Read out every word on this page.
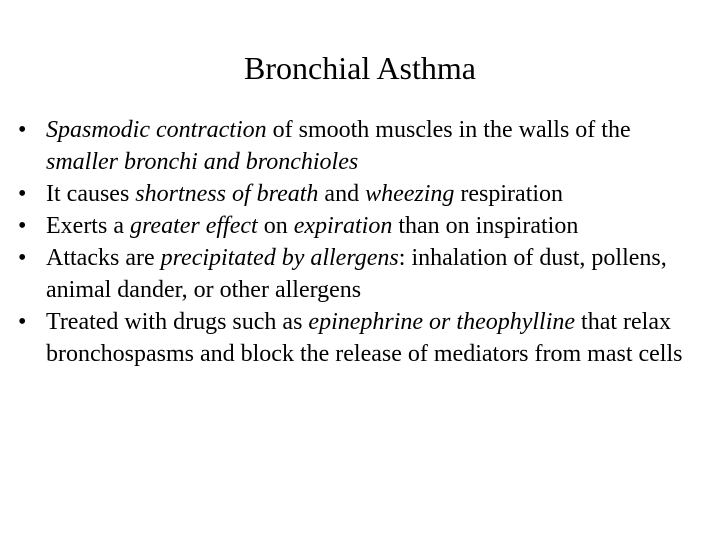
Bronchial Asthma
• Spasmodic contraction of smooth muscles in the walls of the smaller bronchi and bronchioles
• It causes shortness of breath and wheezing respiration
• Exerts a greater effect on expiration than on inspiration
• Attacks are precipitated by allergens: inhalation of dust, pollens, animal dander, or other allergens
• Treated with drugs such as epinephrine or theophylline that relax bronchospasms and block the release of mediators from mast cells
